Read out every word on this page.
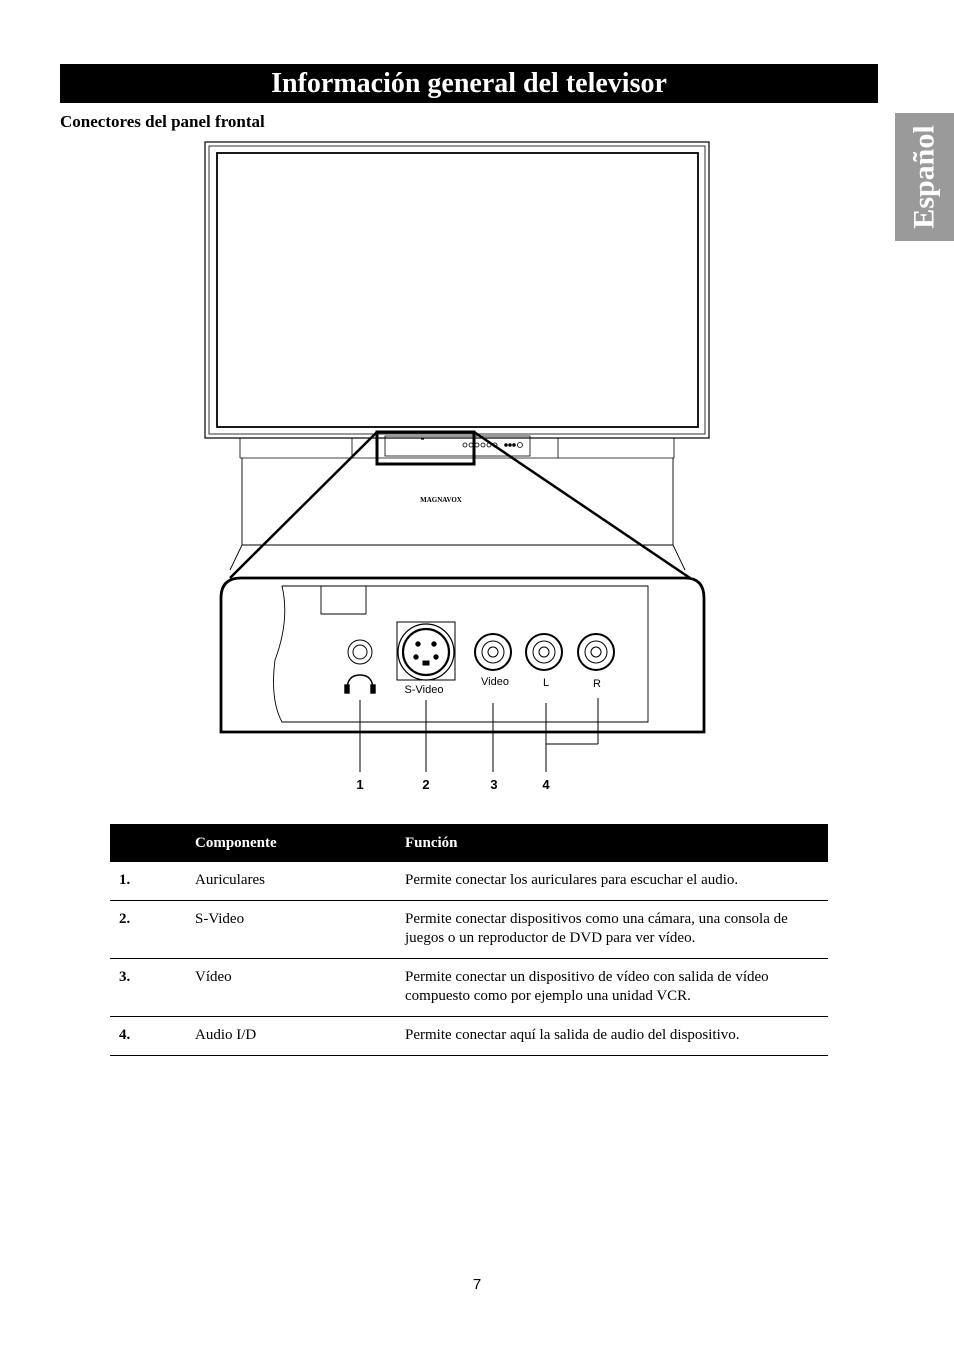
Información general del televisor
Conectores del panel frontal
Español
MAGNAVOX
S-Video
Video	L	R
1	2	3	4
	Componente	Función
1.	Auriculares	Permite conectar los auriculares para escuchar el audio.
2.	S-Video	Permite conectar dispositivos como una cámara, una consola de juegos o un reproductor de DVD para ver vídeo.
3.	Vídeo	Permite conectar un dispositivo de vídeo con salida de vídeo compuesto como por ejemplo una unidad VCR.
4.	Audio I/D	Permite conectar aquí la salida de audio del dispositivo.
7
